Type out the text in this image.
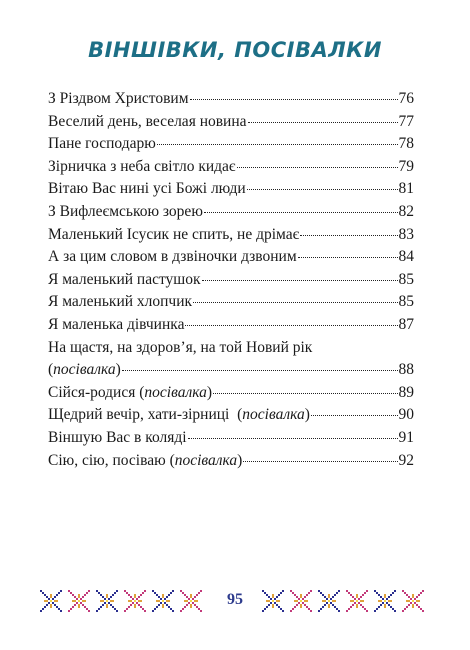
ВІНШІВКИ, ПОСІВАЛКИ
З Різдвом Христовим	76
Веселий день, веселая новина	77
Пане господарю	78
Зірничка з неба світло кидає	79
Вітаю Вас нині усі Божі люди	81
З Вифлеємською зорею	82
Маленький Ісусик не спить, не дрімає	83
А за цим словом в дзвіночки дзвоним	84
Я маленький пастушок	85
Я маленький хлопчик	85
Я маленька дівчинка	87
На щастя, на здоров’я, на той Новий рік
(посівалка)	88
Сійся-родися (посівалка)	89
Щедрий вечір, хати-зірниці  (посівалка)	90
Віншую Вас в коляді	91
Сію, сію, посіваю (посівалка)	92
95
